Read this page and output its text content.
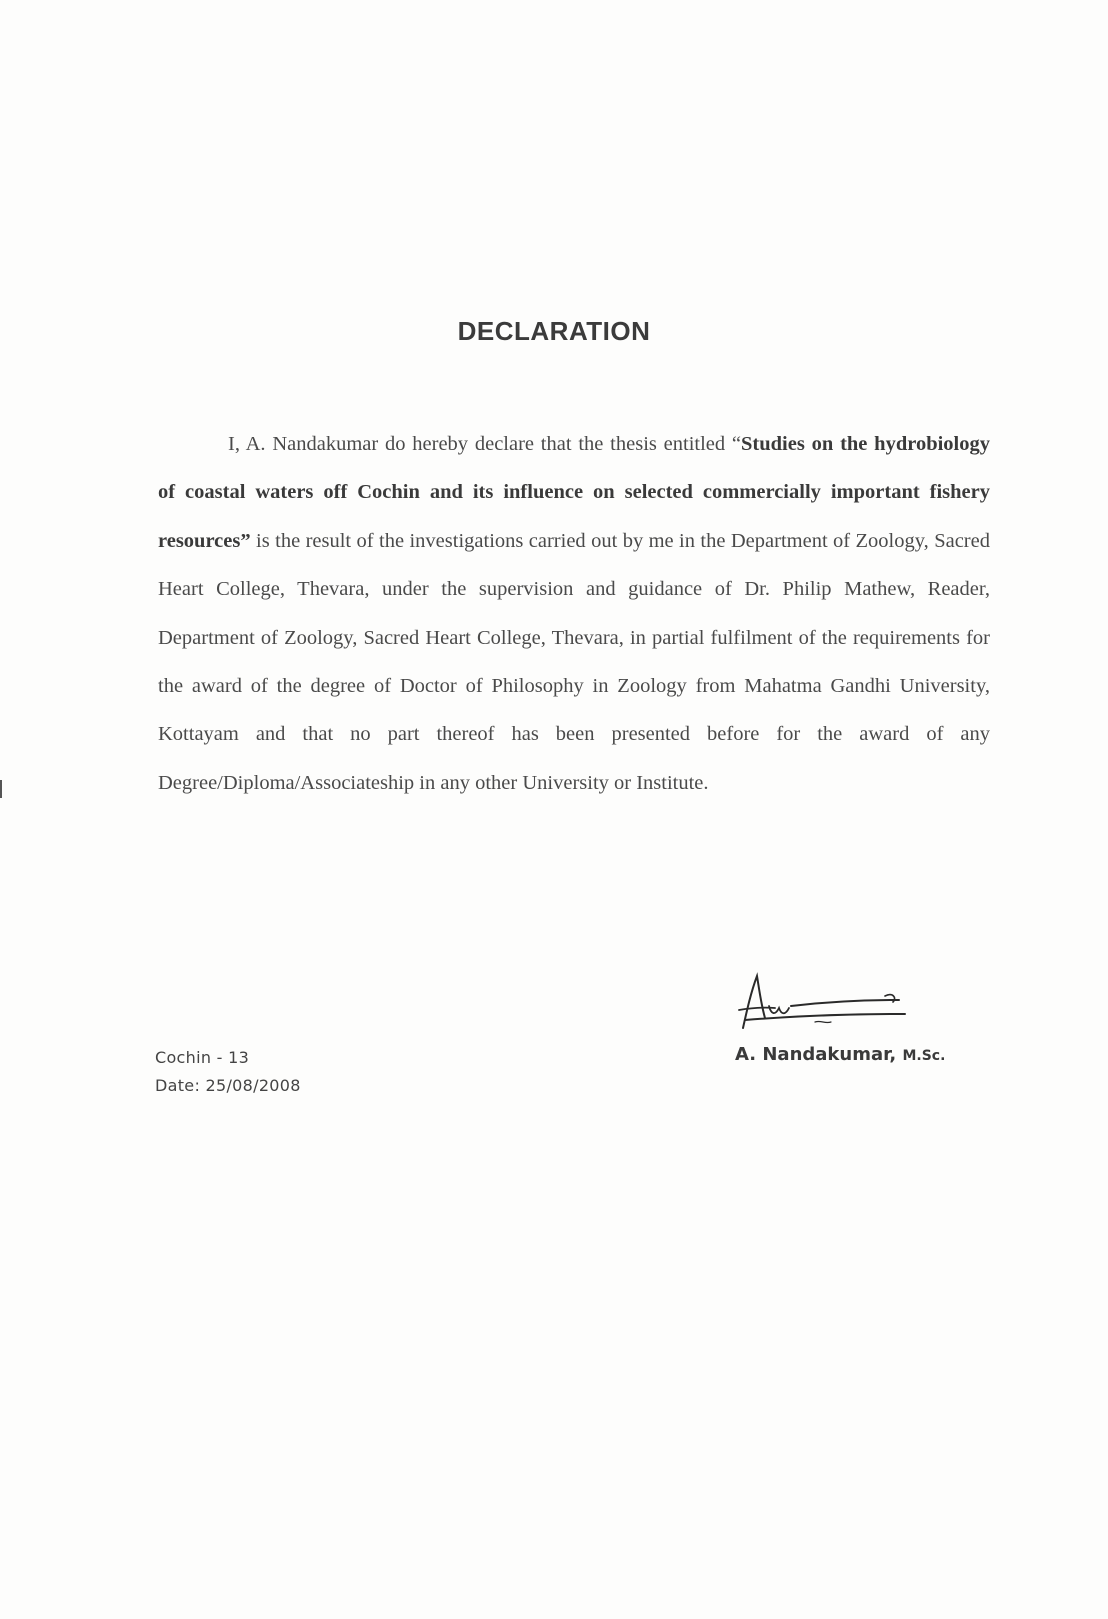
DECLARATION

I, A. Nandakumar do hereby declare that the thesis entitled “Studies on the hydrobiology of coastal waters off Cochin and its influence on selected commercially important fishery resources” is the result of the investigations carried out by me in the Department of Zoology, Sacred Heart College, Thevara, under the supervision and guidance of Dr. Philip Mathew, Reader, Department of Zoology, Sacred Heart College, Thevara, in partial fulfilment of the requirements for the award of the degree of Doctor of Philosophy in Zoology from Mahatma Gandhi University, Kottayam and that no part thereof has been presented before for the award of any Degree/Diploma/Associateship in any other University or Institute.

Cochin - 13
Date: 25/08/2008
A. Nandakumar, M.Sc.
